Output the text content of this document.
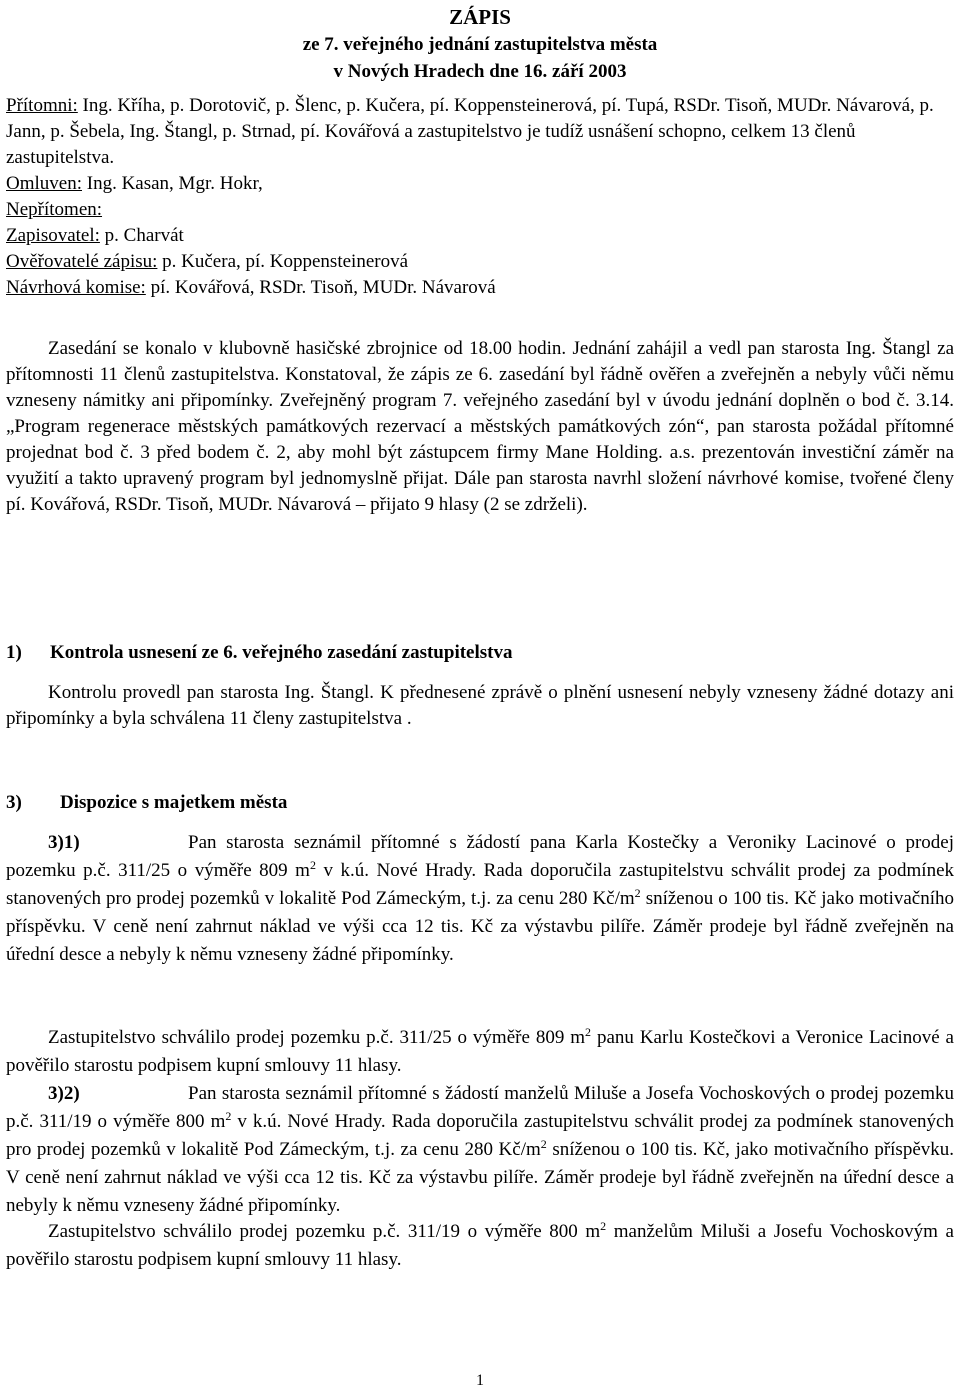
ZÁPIS
ze 7. veřejného jednání zastupitelstva města
v Nových Hradech dne 16. září 2003
Přítomni: Ing. Kříha, p. Dorotovič, p. Šlenc, p. Kučera, pí. Koppensteinerová, pí. Tupá, RSDr. Tisoň, MUDr. Návarová, p. Jann, p. Šebela, Ing. Štangl, p. Strnad, pí. Kovářová a zastupitelstvo je tudíž usnášení schopno, celkem 13 členů zastupitelstva.
Omluven: Ing. Kasan, Mgr. Hokr,
Nepřítomen:
Zapisovatel: p. Charvát
Ověřovatelé zápisu: p. Kučera, pí. Koppensteinerová
Návrhová komise: pí. Kovářová, RSDr. Tisoň, MUDr. Návarová
Zasedání se konalo v klubovně hasičské zbrojnice od 18.00 hodin. Jednání zahájil a vedl pan starosta Ing. Štangl za přítomnosti 11 členů zastupitelstva. Konstatoval, že zápis ze 6. zasedání byl řádně ověřen a zveřejněn a nebyly vůči němu vzneseny námitky ani připomínky. Zveřejněný program 7. veřejného zasedání byl v úvodu jednání doplněn o bod č. 3.14. „Program regenerace městských památkových rezervací a městských památkových zón“, pan starosta požádal přítomné projednat bod č. 3 před bodem č. 2, aby mohl být zástupcem firmy Mane Holding. a.s. prezentován investiční záměr na využití a takto upravený program byl jednomyslně přijat. Dále pan starosta navrhl složení návrhové komise, tvořené členy pí. Kovářová, RSDr. Tisoň, MUDr. Návarová – přijato 9 hlasy (2 se zdrželi).
1) Kontrola usnesení ze 6. veřejného zasedání zastupitelstva
Kontrolu provedl pan starosta Ing. Štangl. K přednesené zprávě o plnění usnesení nebyly vzneseny žádné dotazy ani připomínky a byla schválena 11 členy zastupitelstva .
3) Dispozice s majetkem města
3)1)	Pan starosta seznámil přítomné s žádostí pana Karla Kostečky a Veroniky Lacinové o prodej pozemku p.č. 311/25 o výměře 809 $m^2$ v k.ú. Nové Hrady. Rada doporučila zastupitelstvu schválit prodej za podmínek stanovených pro prodej pozemků v lokalitě Pod Zámeckým, t.j. za cenu 280 $Kč/m^2$ sníženou o 100 tis. Kč jako motivačního příspěvku. V ceně není zahrnut náklad ve výši cca 12 tis. Kč za výstavbu pilíře. Záměr prodeje byl řádně zveřejněn na úřední desce a nebyly k němu vzneseny žádné připomínky.
Zastupitelstvo schválilo prodej pozemku p.č. 311/25 o výměře 809 $m^2$ panu Karlu Kostečkovi a Veronice Lacinové a pověřilo starostu podpisem kupní smlouvy 11 hlasy.
3)2)	Pan starosta seznámil přítomné s žádostí manželů Miluše a Josefa Vochoskových o prodej pozemku p.č. 311/19 o výměře 800 $m^2$ v k.ú. Nové Hrady. Rada doporučila zastupitelstvu schválit prodej za podmínek stanovených pro prodej pozemků v lokalitě Pod Zámeckým, t.j. za cenu 280 $Kč/m^2$ sníženou o 100 tis. Kč, jako motivačního příspěvku. V ceně není zahrnut náklad ve výši cca 12 tis. Kč za výstavbu pilíře. Záměr prodeje byl řádně zveřejněn na úřední desce a nebyly k němu vzneseny žádné připomínky.
Zastupitelstvo schválilo prodej pozemku p.č. 311/19 o výměře 800 $m^2$ manželům Miluši a Josefu Vochoskovým a pověřilo starostu podpisem kupní smlouvy 11 hlasy.
1
